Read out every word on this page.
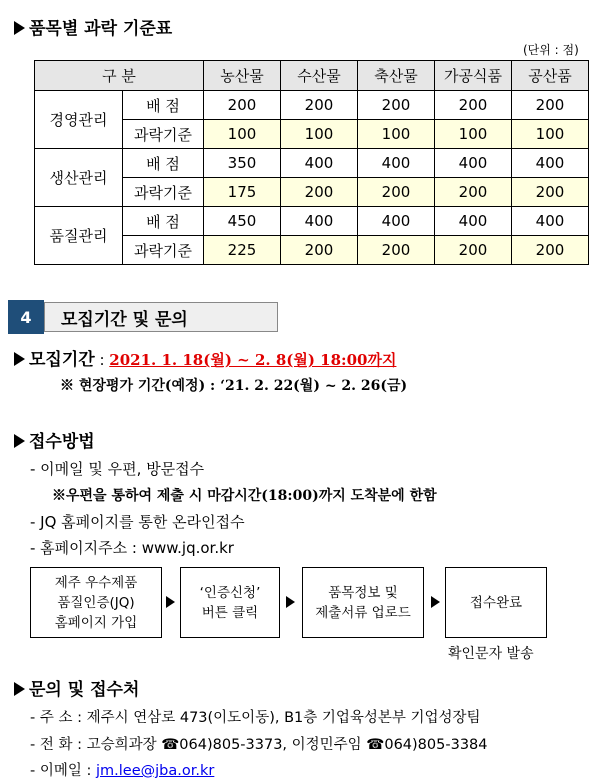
품목별 과락 기준표
(단위 : 점)
구 분		농산물	수산물	축산물	가공식품	공산품
경영관리	배 점	200	200	200	200	200
	과락기준	100	100	100	100	100
생산관리	배 점	350	400	400	400	400
	과락기준	175	200	200	200	200
품질관리	배 점	450	400	400	400	400
	과락기준	225	200	200	200	200
4	모집기간 및 문의
모집기간 : 2021. 1. 18(월) ~ 2. 8(월) 18:00까지
※ 현장평가 기간(예정) : ‘21. 2. 22(월) ~ 2. 26(금)
접수방법
- 이메일 및 우편, 방문접수
※우편을 통하여 제출 시 마감시간(18:00)까지 도착분에 한함
- JQ 홈페이지를 통한 온라인접수
- 홈페이지주소 : www.jq.or.kr
제주 우수제품
품질인증(JQ)
홈페이지 가입
‘인증신청’
버튼 클릭
품목정보 및
제출서류 업로드
접수완료
확인문자 발송
문의 및 접수처
- 주 소 : 제주시 연삼로 473(이도이동), B1층 기업육성본부 기업성장팀
- 전 화 : 고승희과장 ☎064)805-3373, 이정민주임 ☎064)805-3384
- 이메일 : jm.lee@jba.or.kr
